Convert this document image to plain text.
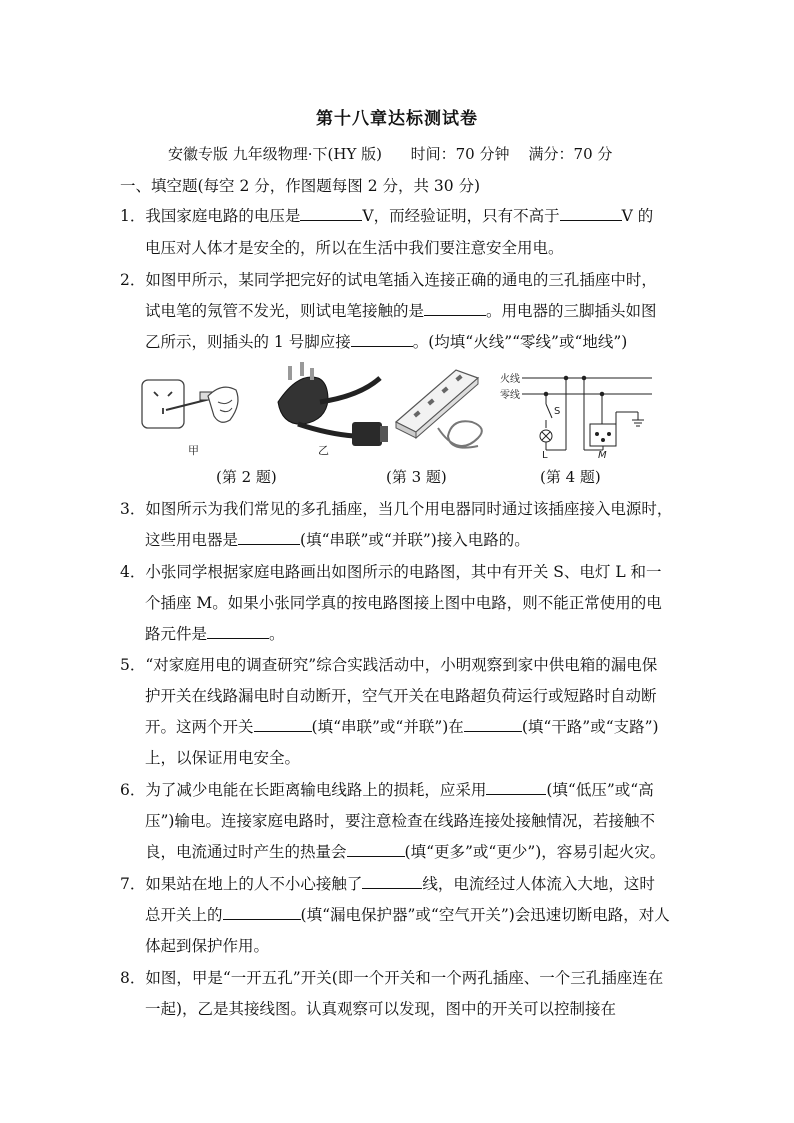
第十八章达标测试卷
安徽专版 九年级物理·下(HY 版)      时间：70 分钟    满分：70 分
一、填空题(每空 2 分，作图题每图 2 分，共 30 分)
1．我国家庭电路的电压是	V，而经验证明，只有不高于	V 的
电压对人体才是安全的，所以在生活中我们要注意安全用电。
2．如图甲所示，某同学把完好的试电笔插入连接正确的通电的三孔插座中时，
试电笔的氖管不发光，则试电笔接触的是	。用电器的三脚插头如图
乙所示，则插头的 1 号脚应接	。(均填“火线”“零线”或“地线”)
甲	乙
火线
零线
S
L	M
(第 2 题)	(第 3 题)	(第 4 题)
3．如图所示为我们常见的多孔插座，当几个用电器同时通过该插座接入电源时，
这些用电器是	(填“串联”或“并联”)接入电路的。
4．小张同学根据家庭电路画出如图所示的电路图，其中有开关 S、电灯 L 和一
个插座 M。如果小张同学真的按电路图接上图中电路，则不能正常使用的电
路元件是	。
5．“对家庭用电的调查研究”综合实践活动中，小明观察到家中供电箱的漏电保
护开关在线路漏电时自动断开，空气开关在电路超负荷运行或短路时自动断
开。这两个开关	(填“串联”或“并联”)在	(填“干路”或“支路”)
上，以保证用电安全。
6．为了减少电能在长距离输电线路上的损耗，应采用	(填“低压”或“高
压”)输电。连接家庭电路时，要注意检查在线路连接处接触情况，若接触不
良，电流通过时产生的热量会	(填“更多”或“更少”)，容易引起火灾。
7．如果站在地上的人不小心接触了	线，电流经过人体流入大地，这时
总开关上的	(填“漏电保护器”或“空气开关”)会迅速切断电路，对人
体起到保护作用。
8．如图，甲是“一开五孔”开关(即一个开关和一个两孔插座、一个三孔插座连在
一起)，乙是其接线图。认真观察可以发现，图中的开关可以控制接在
